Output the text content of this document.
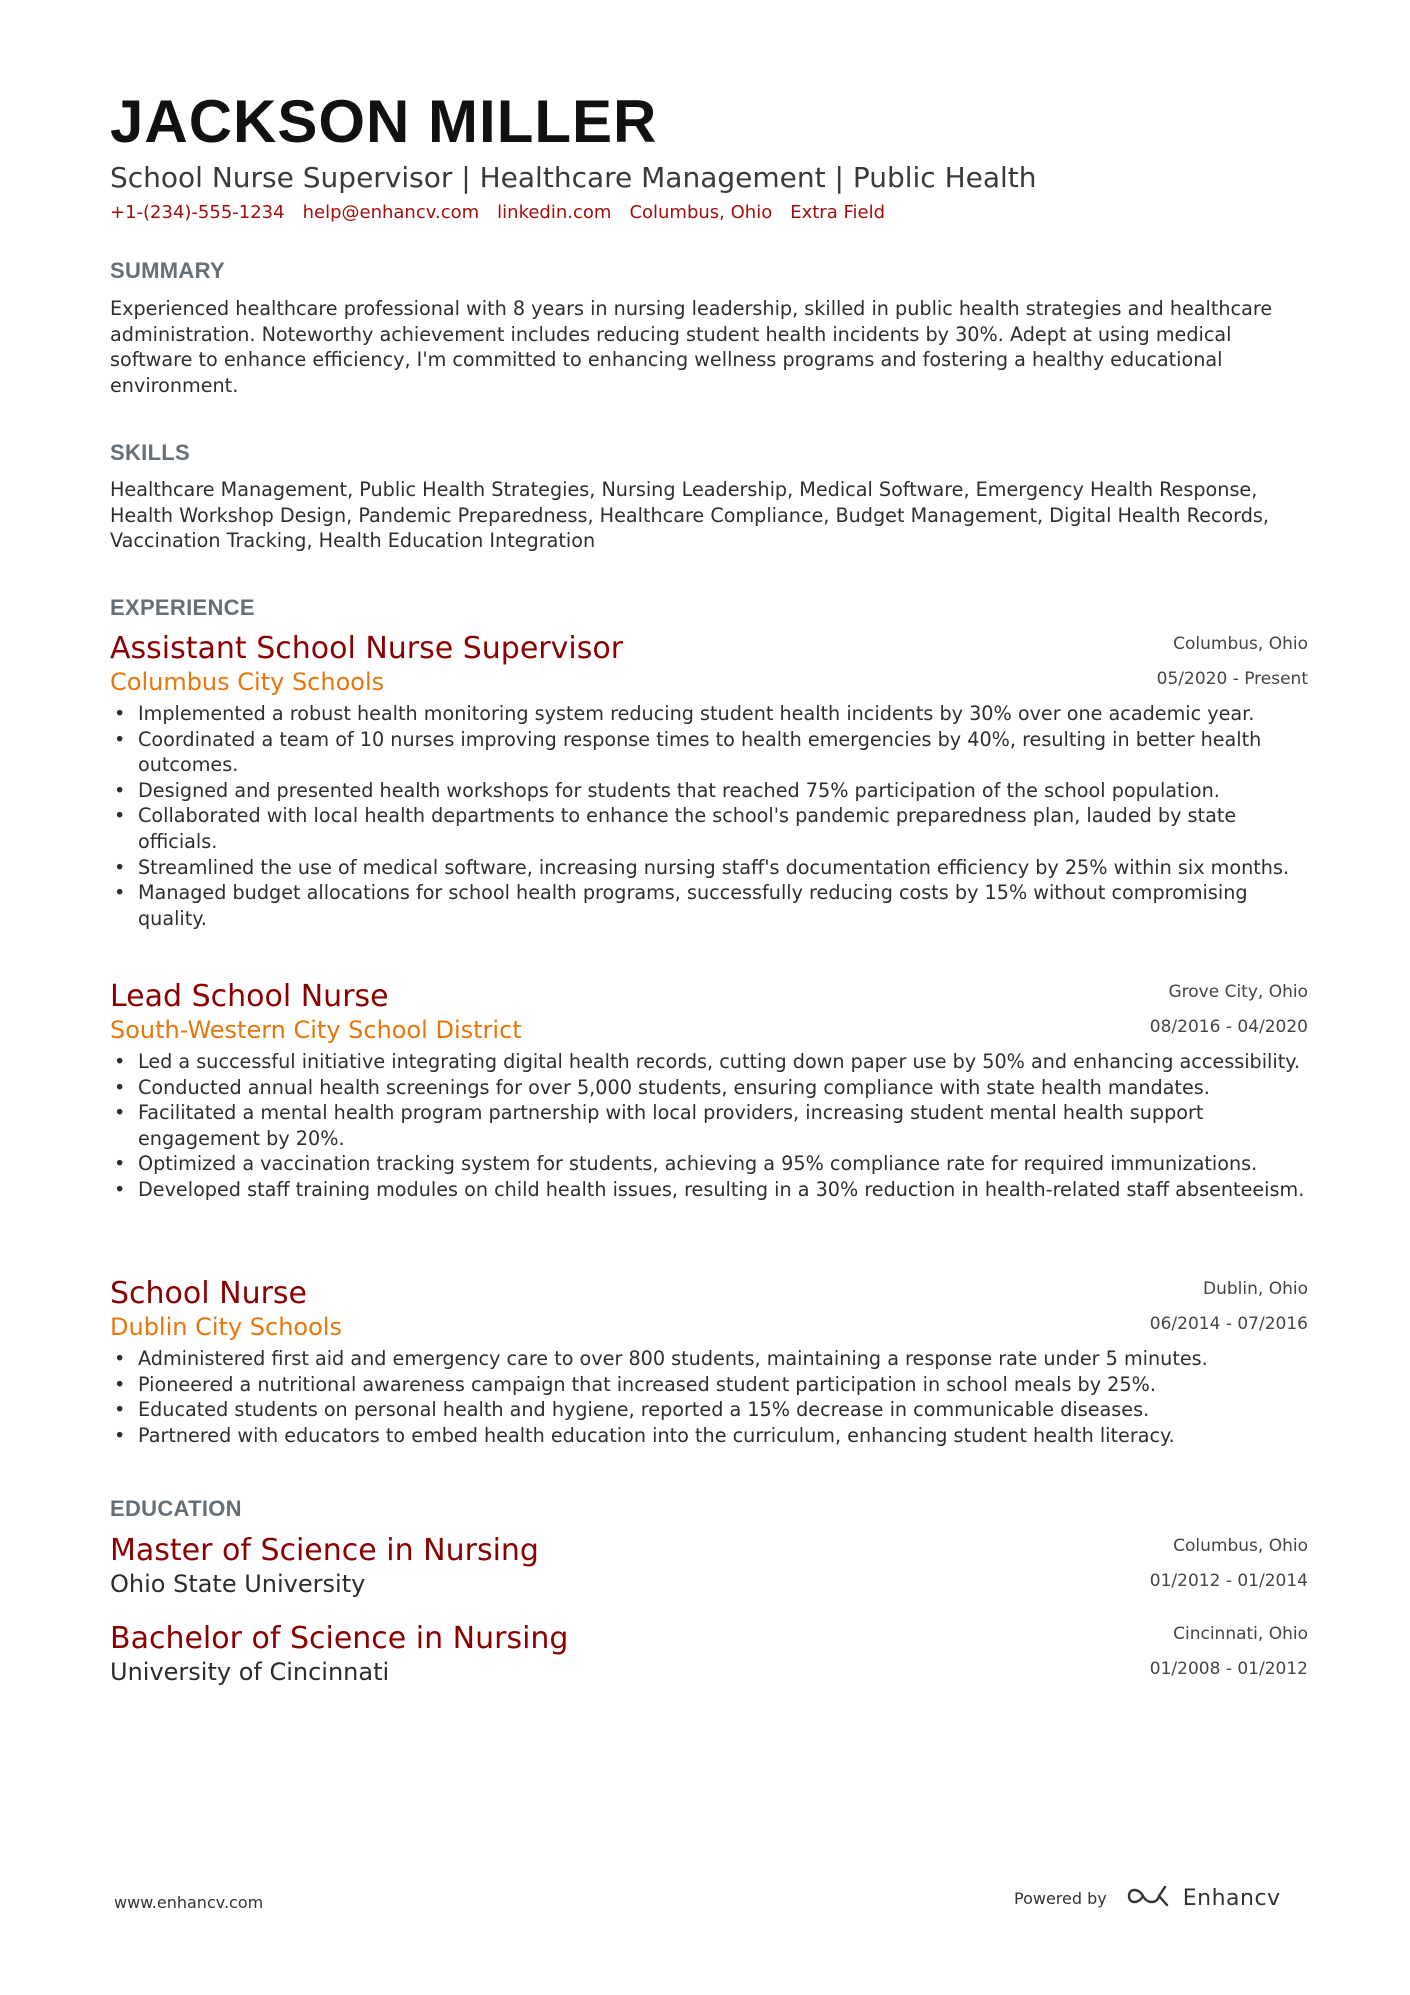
JACKSON MILLER
School Nurse Supervisor | Healthcare Management | Public Health
+1-(234)-555-1234 help@enhancv.com linkedin.com Columbus, Ohio Extra Field
SUMMARY
Experienced healthcare professional with 8 years in nursing leadership, skilled in public health strategies and healthcare administration. Noteworthy achievement includes reducing student health incidents by 30%. Adept at using medical software to enhance efficiency, I'm committed to enhancing wellness programs and fostering a healthy educational environment.
SKILLS
Healthcare Management, Public Health Strategies, Nursing Leadership, Medical Software, Emergency Health Response, Health Workshop Design, Pandemic Preparedness, Healthcare Compliance, Budget Management, Digital Health Records, Vaccination Tracking, Health Education Integration
EXPERIENCE
Assistant School Nurse Supervisor
Columbus City Schools
Columbus, Ohio
05/2020 - Present
• Implemented a robust health monitoring system reducing student health incidents by 30% over one academic year.
• Coordinated a team of 10 nurses improving response times to health emergencies by 40%, resulting in better health outcomes.
• Designed and presented health workshops for students that reached 75% participation of the school population.
• Collaborated with local health departments to enhance the school's pandemic preparedness plan, lauded by state officials.
• Streamlined the use of medical software, increasing nursing staff's documentation efficiency by 25% within six months.
• Managed budget allocations for school health programs, successfully reducing costs by 15% without compromising quality.
Lead School Nurse
South-Western City School District
Grove City, Ohio
08/2016 - 04/2020
• Led a successful initiative integrating digital health records, cutting down paper use by 50% and enhancing accessibility.
• Conducted annual health screenings for over 5,000 students, ensuring compliance with state health mandates.
• Facilitated a mental health program partnership with local providers, increasing student mental health support engagement by 20%.
• Optimized a vaccination tracking system for students, achieving a 95% compliance rate for required immunizations.
• Developed staff training modules on child health issues, resulting in a 30% reduction in health-related staff absenteeism.
School Nurse
Dublin City Schools
Dublin, Ohio
06/2014 - 07/2016
• Administered first aid and emergency care to over 800 students, maintaining a response rate under 5 minutes.
• Pioneered a nutritional awareness campaign that increased student participation in school meals by 25%.
• Educated students on personal health and hygiene, reported a 15% decrease in communicable diseases.
• Partnered with educators to embed health education into the curriculum, enhancing student health literacy.
EDUCATION
Master of Science in Nursing
Ohio State University
Columbus, Ohio
01/2012 - 01/2014
Bachelor of Science in Nursing
University of Cincinnati
Cincinnati, Ohio
01/2008 - 01/2012
www.enhancv.com	Powered by	Enhancv
